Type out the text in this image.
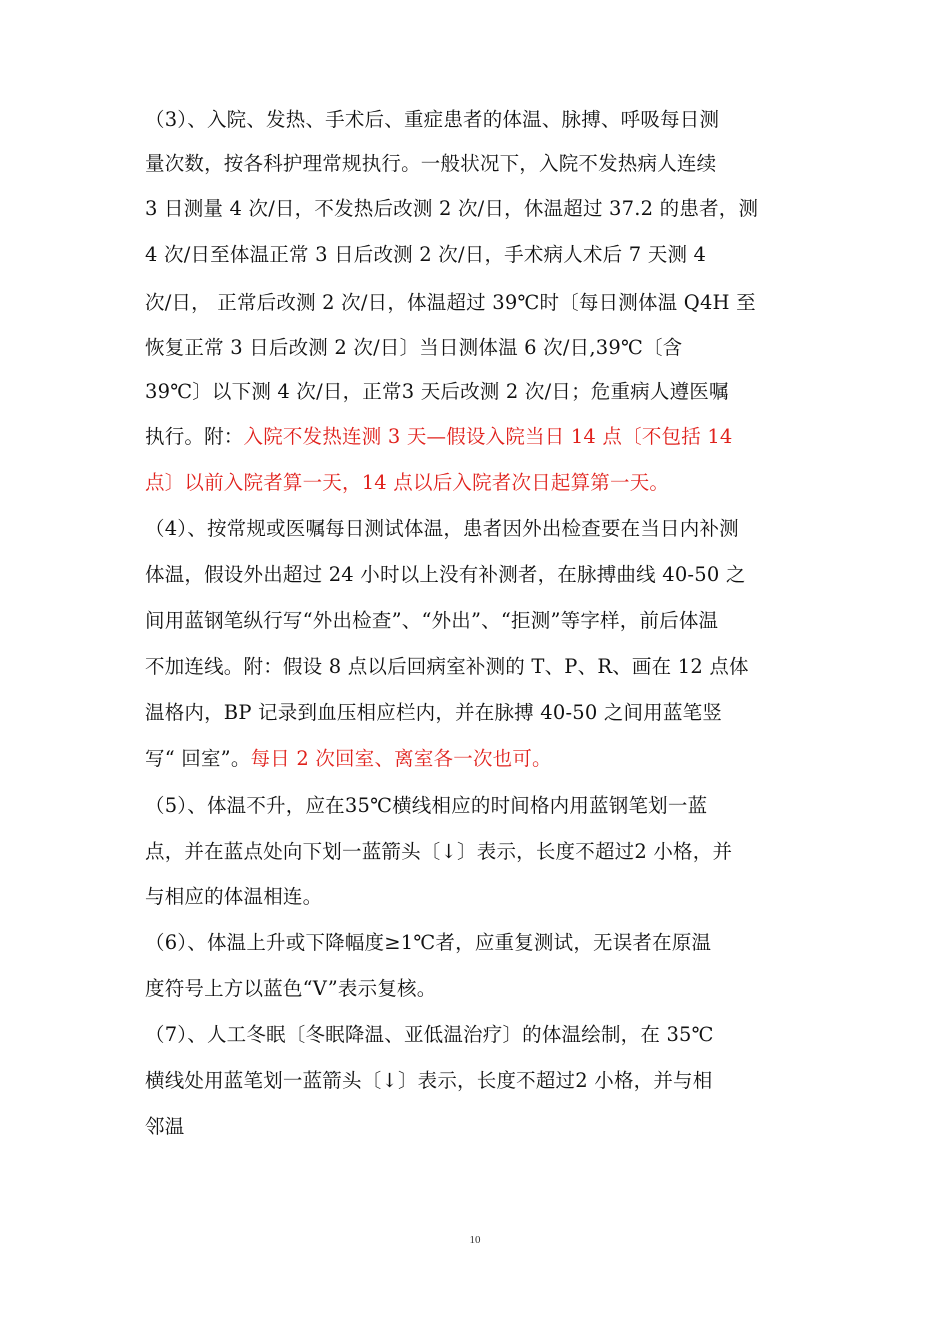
（3）、入院、发热、手术后、重症患者的体温、脉搏、呼吸每日测
量次数，按各科护理常规执行。一般状况下，入院不发热病人连续
3 日测量 4 次/日，不发热后改测 2 次/日，休温超过 37.2 的患者，测
4 次/日至体温正常 3 日后改测 2 次/日，手术病人术后 7 天测 4
次/日， 正常后改测 2 次/日，体温超过 39℃时〔每日测体温 Q4H 至
恢复正常 3 日后改测 2 次/日〕当日测体温 6 次/日,39℃〔含
39℃〕以下测 4 次/日，正常3 天后改测 2 次/日；危重病人遵医嘱
执行。附：入院不发热连测 3 天—假设入院当日 14 点〔不包括 14
点〕以前入院者算一天，14 点以后入院者次日起算第一天。
（4）、按常规或医嘱每日测试体温，患者因外出检查要在当日内补测
体温，假设外出超过 24 小时以上没有补测者，在脉搏曲线 40-50 之
间用蓝钢笔纵行写“外出检查”、“外出”、“拒测”等字样，前后体温
不加连线。附：假设 8 点以后回病室补测的 T、P、R、画在 12 点体
温格内，BP 记录到血压相应栏内，并在脉搏 40-50 之间用蓝笔竖
写“ 回室”。每日 2 次回室、离室各一次也可。
（5）、体温不升，应在35℃横线相应的时间格内用蓝钢笔划一蓝
点，并在蓝点处向下划一蓝箭头〔↓〕表示，长度不超过2 小格，并
与相应的体温相连。
（6）、体温上升或下降幅度≥1℃者，应重复测试，无误者在原温
度符号上方以蓝色“V”表示复核。
（7）、人工冬眠〔冬眠降温、亚低温治疗〕的体温绘制，在 35℃
横线处用蓝笔划一蓝箭头〔↓〕表示，长度不超过2 小格，并与相
邻温
10
